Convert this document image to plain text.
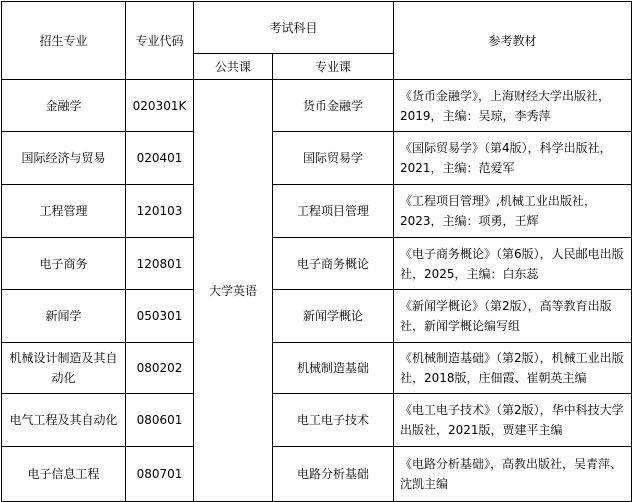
招生专业	专业代码	考试科目		参考教材
		公共课	专业课	
金融学	020301K	大学英语	货币金融学	《货币金融学》，上海财经大学出版社，2019，主编：吴琼，李秀萍
国际经济与贸易	020401		国际贸易学	《国际贸易学》（第4版），科学出版社，2021，主编：范爱军
工程管理	120103		工程项目管理	《工程项目管理》,机械工业出版社，2023，主编：项勇，王辉
电子商务	120801		电子商务概论	《电子商务概论》（第6版），人民邮电出版社，2025，主编：白东蕊
新闻学	050301		新闻学概论	《新闻学概论》（第2版），高等教育出版社，新闻学概论编写组
机械设计制造及其自动化	080202		机械制造基础	《机械制造基础》（第2版），机械工业出版社，2018版，庄佃霞、崔朝英主编
电气工程及其自动化	080601		电工电子技术	《电工电子技术》（第2版），华中科技大学出版社，2021版，贾建平主编
电子信息工程	080701		电路分析基础	《电路分析基础》，高教出版社，吴青萍、沈凯主编
